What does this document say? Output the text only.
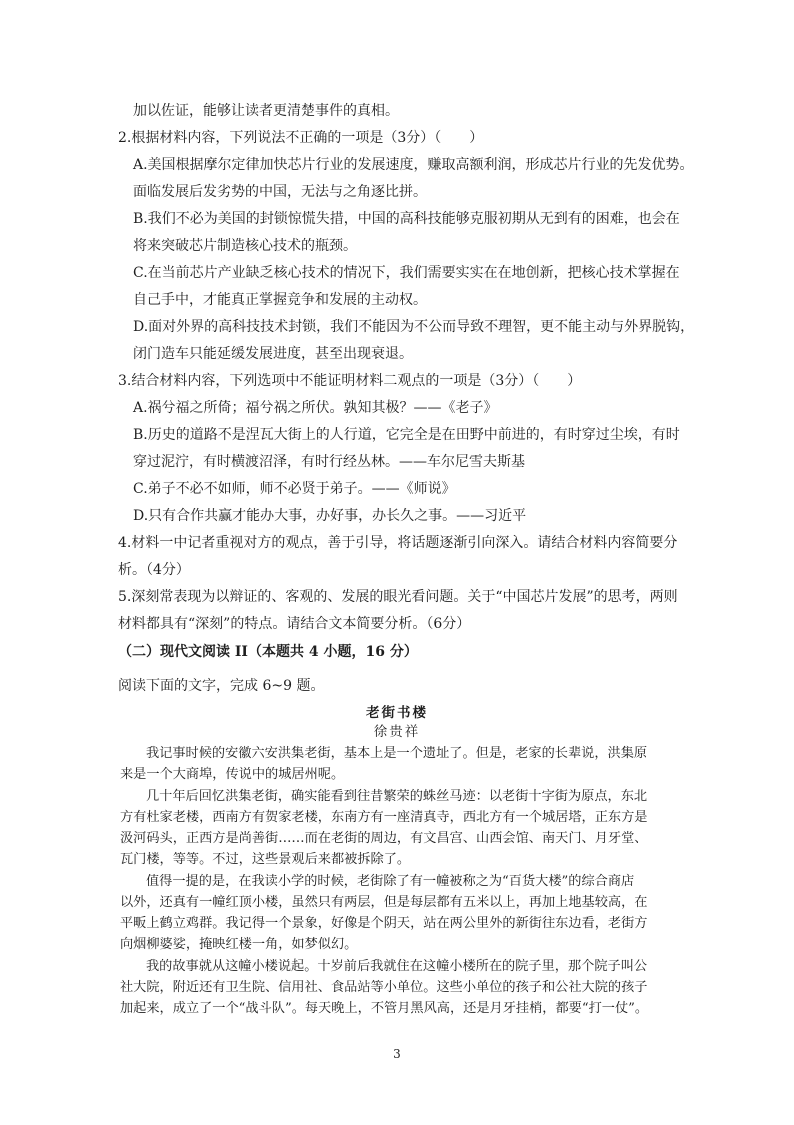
加以佐证，能够让读者更清楚事件的真相。
2.根据材料内容，下列说法不正确的一项是（3分）（　　）
A.美国根据摩尔定律加快芯片行业的发展速度，赚取高额利润，形成芯片行业的先发优势。
面临发展后发劣势的中国，无法与之角逐比拼。
B.我们不必为美国的封锁惊慌失措，中国的高科技能够克服初期从无到有的困难，也会在
将来突破芯片制造核心技术的瓶颈。
C.在当前芯片产业缺乏核心技术的情况下，我们需要实实在在地创新，把核心技术掌握在
自己手中，才能真正掌握竞争和发展的主动权。
D.面对外界的高科技技术封锁，我们不能因为不公而导致不理智，更不能主动与外界脱钩，
闭门造车只能延缓发展进度，甚至出现衰退。
3.结合材料内容，下列选项中不能证明材料二观点的一项是（3分）（　　）
A.祸兮福之所倚；福兮祸之所伏。孰知其极？——《老子》
B.历史的道路不是涅瓦大街上的人行道，它完全是在田野中前进的，有时穿过尘埃，有时
穿过泥泞，有时横渡沼泽，有时行经丛林。——车尔尼雪夫斯基
C.弟子不必不如师，师不必贤于弟子。——《师说》
D.只有合作共赢才能办大事，办好事，办长久之事。——习近平
4.材料一中记者重视对方的观点，善于引导，将话题逐渐引向深入。请结合材料内容简要分
析。（4分）
5.深刻常表现为以辩证的、客观的、发展的眼光看问题。关于“中国芯片发展”的思考，两则
材料都具有“深刻”的特点。请结合文本简要分析。（6分）
（二）现代文阅读 II（本题共 4 小题，16 分）
阅读下面的文字，完成 6~9 题。
老街书楼
徐贵祥
我记事时候的安徽六安洪集老街，基本上是一个遗址了。但是，老家的长辈说，洪集原
来是一个大商埠，传说中的城居州呢。
几十年后回忆洪集老街，确实能看到往昔繁荣的蛛丝马迹：以老街十字街为原点，东北
方有杜家老楼，西南方有贺家老楼，东南方有一座清真寺，西北方有一个城居塔，正东方是
汲河码头，正西方是尚善街……而在老街的周边，有文昌宫、山西会馆、南天门、月牙堂、
瓦门楼，等等。不过，这些景观后来都被拆除了。
值得一提的是，在我读小学的时候，老街除了有一幢被称之为“百货大楼”的综合商店
以外，还真有一幢红顶小楼，虽然只有两层，但是每层都有五米以上，再加上地基较高，在
平畈上鹤立鸡群。我记得一个景象，好像是个阴天，站在两公里外的新街往东边看，老街方
向烟柳婆娑，掩映红楼一角，如梦似幻。
我的故事就从这幢小楼说起。十岁前后我就住在这幢小楼所在的院子里，那个院子叫公
社大院，附近还有卫生院、信用社、食品站等小单位。这些小单位的孩子和公社大院的孩子
加起来，成立了一个“战斗队”。每天晚上，不管月黑风高，还是月牙挂梢，都要“打一仗”。
3
